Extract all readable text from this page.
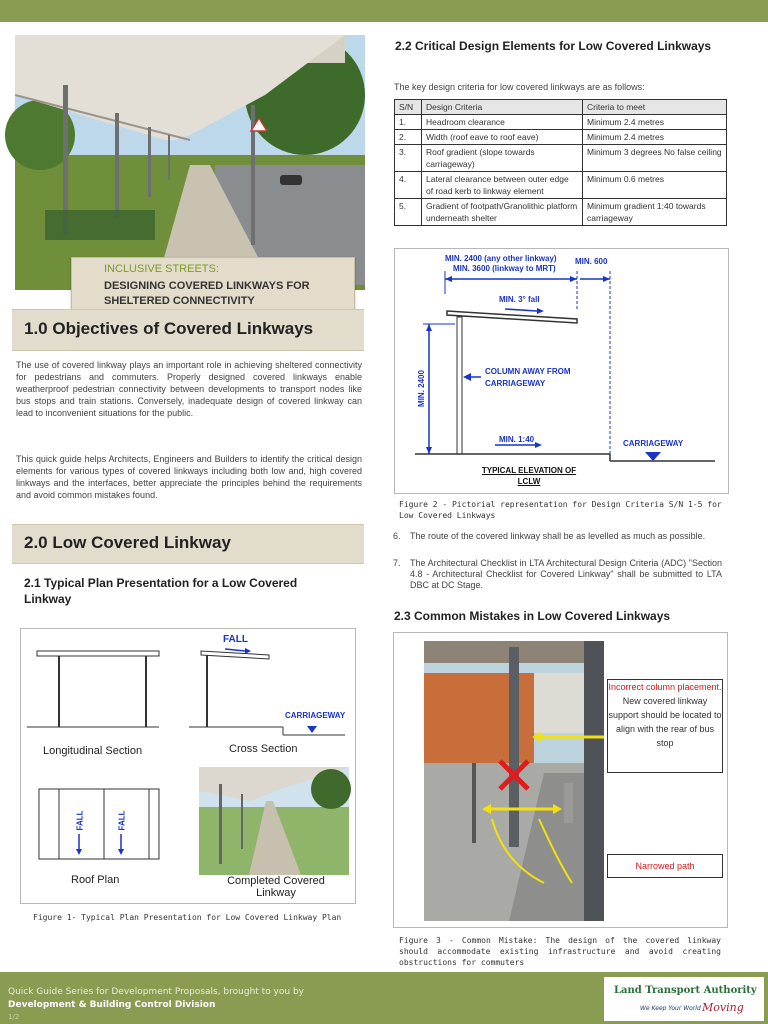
INCLUSIVE STREETS:
DESIGNING COVERED LINKWAYS FOR SHELTERED CONNECTIVITY
1.0 Objectives of Covered Linkways
The use of covered linkway plays an important role in achieving sheltered connectivity for pedestrians and commuters. Properly designed covered linkways enable weatherproof pedestrian connectivity between developments to transport nodes like bus stops and train stations. Conversely, inadequate design of covered linkway can lead to inconvenient situations for the public.
This quick guide helps Architects, Engineers and Builders to identify the critical design elements for various types of covered linkways including both low and, high covered linkways and the interfaces, better appreciate the principles behind the requirements and avoid common mistakes found.
2.0 Low Covered Linkway
2.1 Typical Plan Presentation for a Low Covered Linkway
FALL
CARRIAGEWAY
Longitudinal Section	Cross Section
FALL	FALL
Roof Plan	Completed Covered Linkway
Figure 1- Typical Plan Presentation for Low Covered Linkway Plan
2.2 Critical Design Elements for Low Covered Linkways
The key design criteria for low covered linkways are as follows:
S/N	Design Criteria	Criteria to meet
1.	Headroom clearance	Minimum 2.4 metres
2.	Width (roof eave to roof eave)	Minimum 2.4 metres
3.	Roof gradient (slope towards carriageway)	Minimum 3 degrees No false ceiling
4.	Lateral clearance between outer edge of road kerb to linkway element	Minimum 0.6 metres
5.	Gradient of footpath/Granolithic platform underneath shelter	Minimum gradient 1:40 towards carriageway
MIN. 2400 (any other linkway)
MIN. 3600 (linkway to MRT)
MIN. 600
MIN. 3° fall
COLUMN AWAY FROM CARRIAGEWAY
MIN. 2400
MIN. 1:40	CARRIAGEWAY
TYPICAL ELEVATION OF LCLW
Figure 2 - Pictorial representation for Design Criteria S/N 1-5 for Low Covered Linkways
6. The route of the covered linkway shall be as levelled as much as possible.
7. The Architectural Checklist in LTA Architectural Design Criteria (ADC) "Section 4.8 - Architectural Checklist for Covered Linkway" shall be submitted to LTA DBC at DC Stage.
2.3 Common Mistakes in Low Covered Linkways
Incorrect column placement.
New covered linkway support should be located to align with the rear of bus stop
Narrowed path
Figure 3 - Common Mistake: The design of the covered linkway should accommodate existing infrastructure and avoid creating obstructions for commuters
Quick Guide Series for Development Proposals, brought to you by
Development & Building Control Division
1/2
Land Transport Authority
We Keep Your World Moving
